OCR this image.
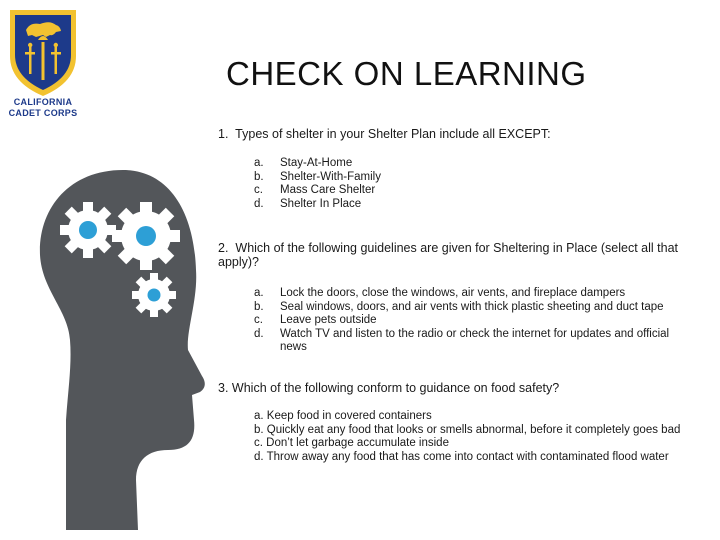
CALIFORNIA
CADET CORPS
CHECK ON LEARNING
1. Types of shelter in your Shelter Plan include all EXCEPT:
a.	Stay-At-Home
b.	Shelter-With-Family
c.	Mass Care Shelter
d.	Shelter In Place
2. Which of the following guidelines are given for Sheltering in Place (select all that apply)?
a.	Lock the doors, close the windows, air vents, and fireplace dampers
b.	Seal windows, doors, and air vents with thick plastic sheeting and duct tape
c.	Leave pets outside
d.	Watch TV and listen to the radio or check the internet for updates and official news
3. Which of the following conform to guidance on food safety?
a. Keep food in covered containers
b. Quickly eat any food that looks or smells abnormal, before it completely goes bad
c. Don’t let garbage accumulate inside
d. Throw away any food that has come into contact with contaminated flood water
